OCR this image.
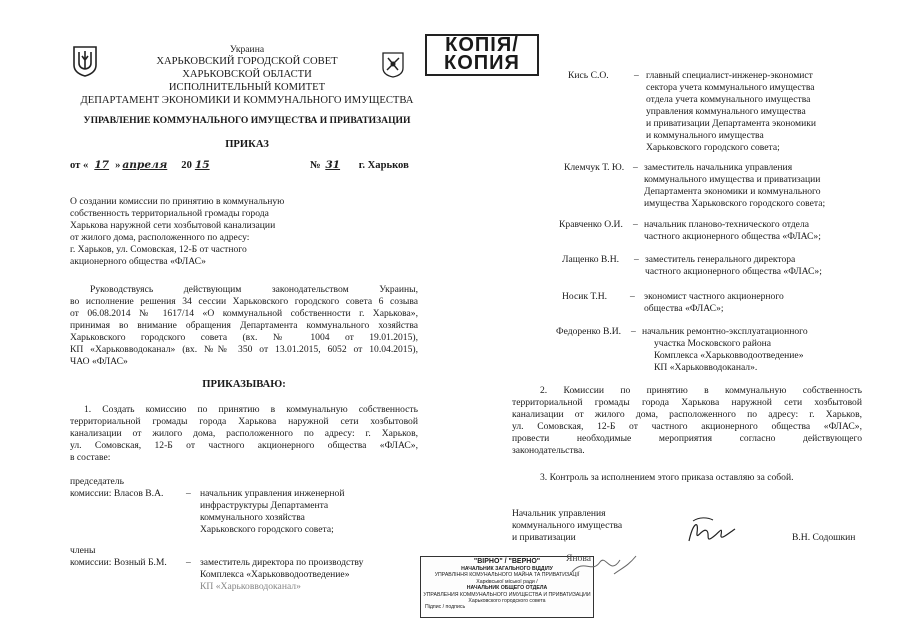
Украина
ХАРЬКОВСКИЙ ГОРОДСКОЙ СОВЕТ
ХАРЬКОВСКОЙ ОБЛАСТИ
ИСПОЛНИТЕЛЬНЫЙ КОМИТЕТ
ДЕПАРТАМЕНТ ЭКОНОМИКИ И КОММУНАЛЬНОГО ИМУЩЕСТВА
УПРАВЛЕНИЕ КОММУНАЛЬНОГО ИМУЩЕСТВА И ПРИВАТИЗАЦИИ
ПРИКАЗ
КОПІЯ/
КОПИЯ
от « 17 » апреля 20 15	№ 31 г. Харьков
О создании комиссии по принятию в коммунальную
собственность территориальной громады города
Харькова наружной сети хозбытовой канализации
от жилого дома, расположенного по адресу:
г. Харьков, ул. Сомовская, 12-Б от частного
акционерного общества «ФЛАС»
Руководствуясь действующим законодательством Украины,
во исполнение решения 34 сессии Харьковского городского совета 6 созыва
от 06.08.2014 № 1617/14 «О коммунальной собственности г. Харькова»,
принимая во внимание обращения Департамента коммунального хозяйства
Харьковского городского совета (вх. № 1004 от 19.01.2015),
КП «Харьковводоканал» (вх. №№ 350 от 13.01.2015, 6052 от 10.04.2015),
ЧАО «ФЛАС»
ПРИКАЗЫВАЮ:
1. Создать комиссию по принятию в коммунальную собственность
территориальной громады города Харькова наружной сети хозбытовой
канализации от жилого дома, расположенного по адресу: г. Харьков,
ул. Сомовская, 12-Б от частного акционерного общества «ФЛАС»,
в составе:
председатель
комиссии: Власов В.А. – начальник управления инженерной
инфраструктуры Департамента
коммунального хозяйства
Харьковского городского совета;
члены
комиссии: Возный Б.М. – заместитель директора по производству
Комплекса «Харьковводоотведение»
КП «Харьковводоканал»
Кись С.О.	– главный специалист-инженер-экономист
сектора учета коммунального имущества
отдела учета коммунального имущества
управления коммунального имущества
и приватизации Департамента экономики
и коммунального имущества
Харьковского городского совета;
Клемчук Т. Ю. – заместитель начальника управления
коммунального имущества и приватизации
Департамента экономики и коммунального
имущества Харьковского городского совета;
Кравченко О.И. – начальник планово-технического отдела
частного акционерного общества «ФЛАС»;
Лащенко В.Н. – заместитель генерального директора
частного акционерного общества «ФЛАС»;
Носик Т.Н. – экономист частного акционерного
общества «ФЛАС»;
Федоренко В.И. – начальник ремонтно-эксплуатационного
участка Московского района
Комплекса «Харьковводоотведение»
КП «Харьковводоканал».
2. Комиссии по принятию в коммунальную собственность
территориальной громады города Харькова наружной сети хозбытовой
канализации от жилого дома, расположенного по адресу: г. Харьков,
ул. Сомовская, 12-Б от частного акционерного общества «ФЛАС»,
провести необходимые мероприятия согласно действующего
законодательства.
3. Контроль за исполнением этого приказа оставляю за собой.
Начальник управления
коммунального имущества
и приватизации	В.Н. Содошкин
"ВІРНО" / "ВЕРНО"
НАЧАЛЬНИК ЗАГАЛЬНОГО ВІДДІЛУ
УПРАВЛІННЯ КОМУНАЛЬНОГО МАЙНА ТА ПРИВАТИЗАЦІЇ
Харківської міської ради /
НАЧАЛЬНИК ОБЩЕГО ОТДЕЛА
УПРАВЛЕНИЯ КОММУНАЛЬНОГО ИМУЩЕСТВА И ПРИВАТИЗАЦИИ
Харьковского городского совета
Підпис / подпись
Янова
